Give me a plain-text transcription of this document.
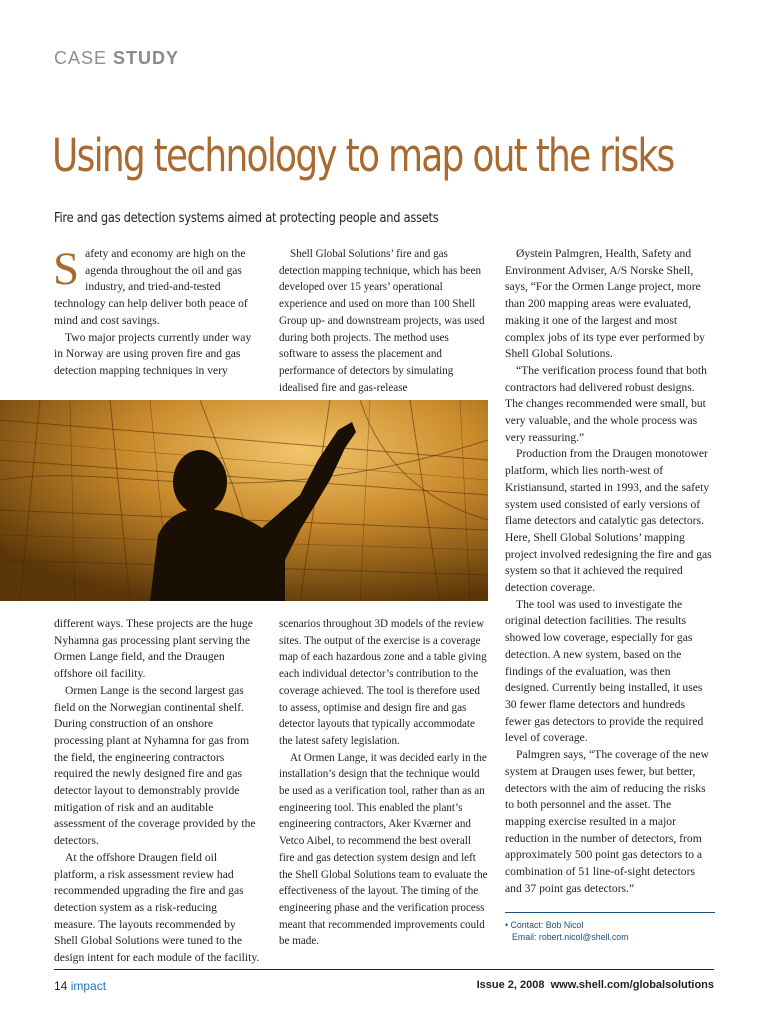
CASE STUDY
Using technology to map out the risks
Fire and gas detection systems aimed at protecting people and assets

Safety and economy are high on the agenda throughout the oil and gas industry, and tried-and-tested technology can help deliver both peace of mind and cost savings.

Two major projects currently under way in Norway are using proven fire and gas detection mapping techniques in very

Shell Global Solutions’ fire and gas detection mapping technique, which has been developed over 15 years’ operational experience and used on more than 100 Shell Group up- and downstream projects, was used during both projects. The method uses software to assess the placement and performance of detectors by simulating idealised fire and gas-release

different ways. These projects are the huge Nyhamna gas processing plant serving the Ormen Lange field, and the Draugen offshore oil facility.

Ormen Lange is the second largest gas field on the Norwegian continental shelf. During construction of an onshore processing plant at Nyhamna for gas from the field, the engineering contractors required the newly designed fire and gas detector layout to demonstrably provide mitigation of risk and an auditable assessment of the coverage provided by the detectors.

At the offshore Draugen field oil platform, a risk assessment review had recommended upgrading the fire and gas detection system as a risk-reducing measure. The layouts recommended by Shell Global Solutions were tuned to the design intent for each module of the facility.

scenarios throughout 3D models of the review sites. The output of the exercise is a coverage map of each hazardous zone and a table giving each individual detector’s contribution to the coverage achieved. The tool is therefore used to assess, optimise and design fire and gas detector layouts that typically accommodate the latest safety legislation.

At Ormen Lange, it was decided early in the installation’s design that the technique would be used as a verification tool, rather than as an engineering tool. This enabled the plant’s engineering contractors, Aker Kværner and Vetco Aibel, to recommend the best overall fire and gas detection system design and left the Shell Global Solutions team to evaluate the effectiveness of the layout. The timing of the engineering phase and the verification process meant that recommended improvements could be made.

Øystein Palmgren, Health, Safety and Environment Adviser, A/S Norske Shell, says, “For the Ormen Lange project, more than 200 mapping areas were evaluated, making it one of the largest and most complex jobs of its type ever performed by Shell Global Solutions.

“The verification process found that both contractors had delivered robust designs. The changes recommended were small, but very valuable, and the whole process was very reassuring.”

Production from the Draugen monotower platform, which lies north-west of Kristiansund, started in 1993, and the safety system used consisted of early versions of flame detectors and catalytic gas detectors. Here, Shell Global Solutions’ mapping project involved redesigning the fire and gas system so that it achieved the required detection coverage.

The tool was used to investigate the original detection facilities. The results showed low coverage, especially for gas detection. A new system, based on the findings of the evaluation, was then designed. Currently being installed, it uses 30 fewer flame detectors and hundreds fewer gas detectors to provide the required level of coverage.

Palmgren says, “The coverage of the new system at Draugen uses fewer, but better, detectors with the aim of reducing the risks to both personnel and the asset. The mapping exercise resulted in a major reduction in the number of detectors, from approximately 500 point gas detectors to a combination of 51 line-of-sight detectors and 37 point gas detectors.”

• Contact: Bob Nicol
Email: robert.nicol@shell.com
14 impact	Issue 2, 2008 www.shell.com/globalsolutions
